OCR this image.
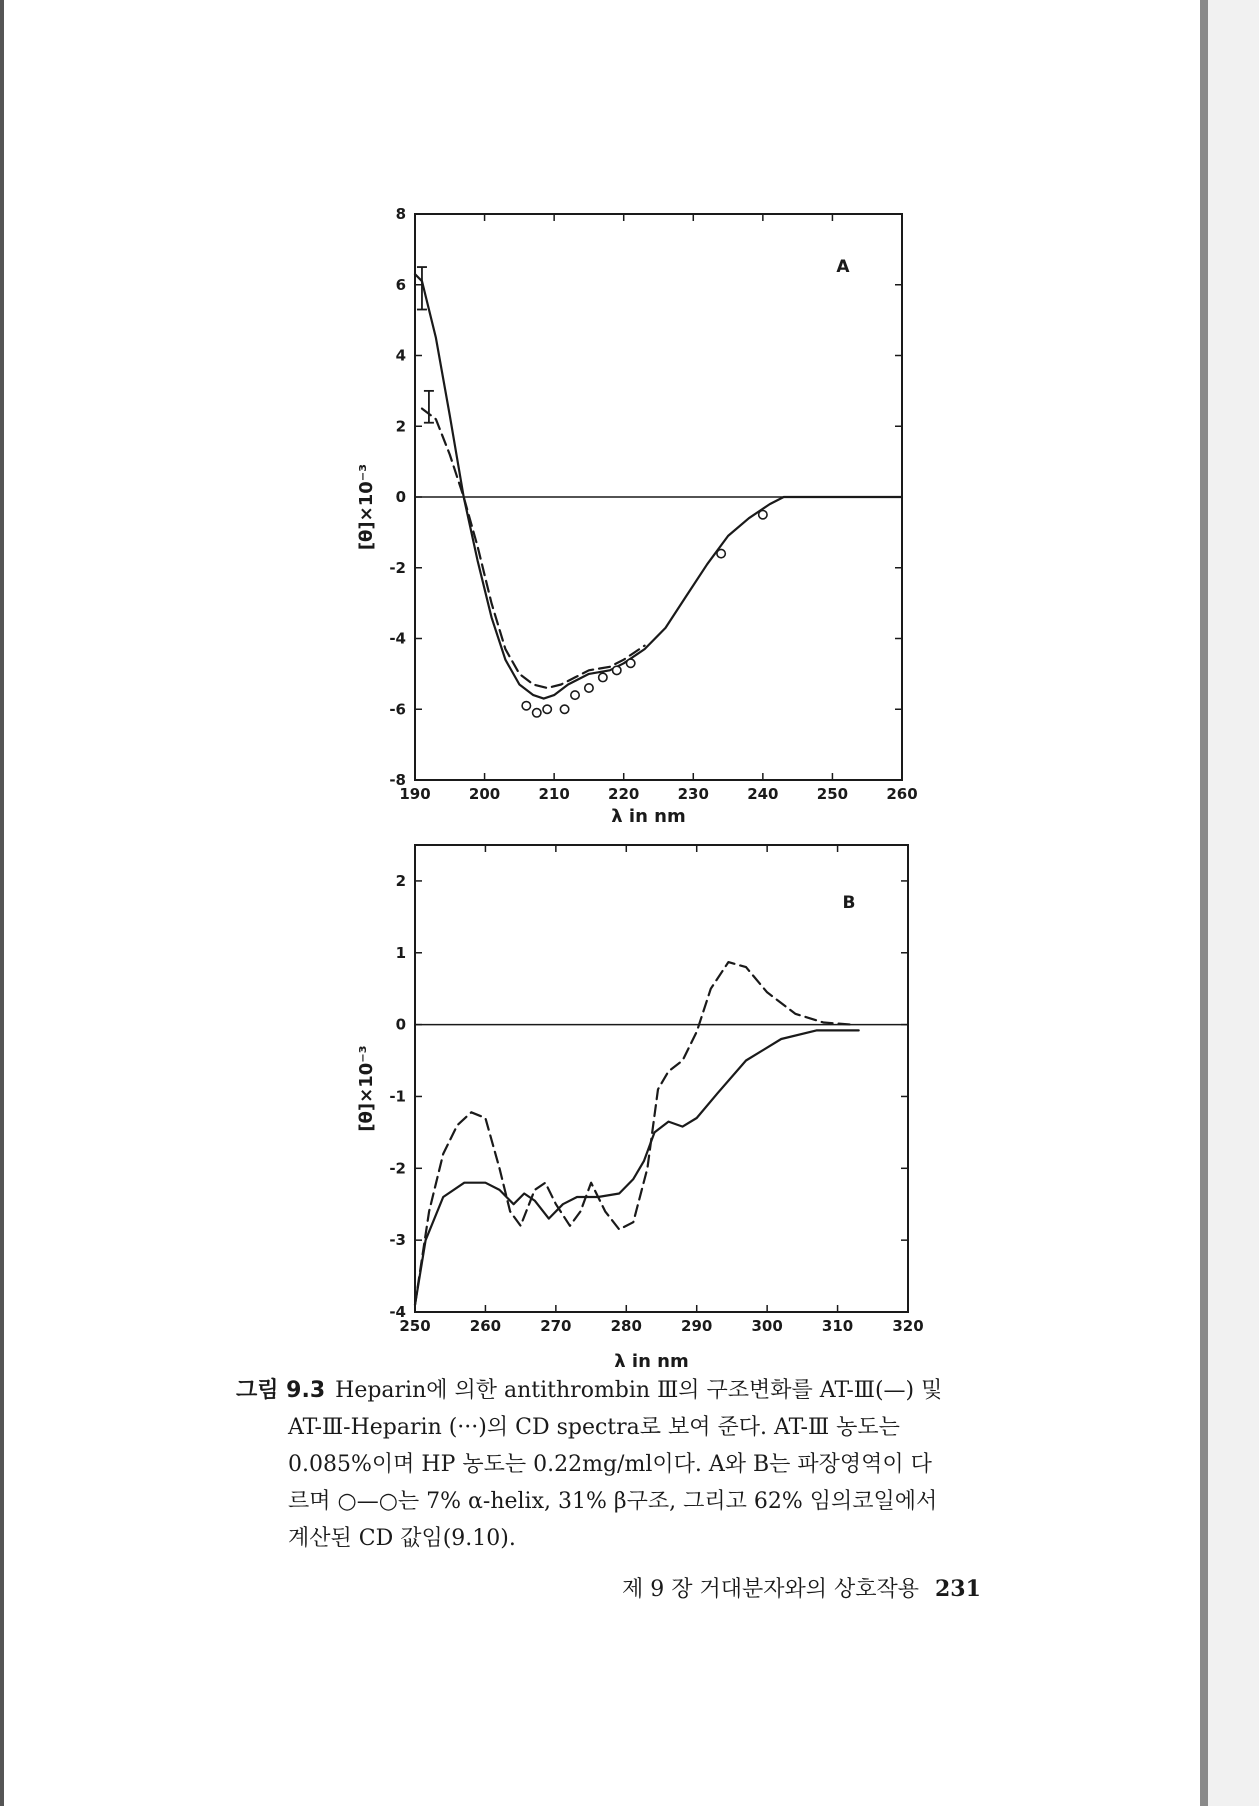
190	200	210	220	230	240	250	260
8
6
4
2
0
-2
-4
-6
-8
λ in nm
[θ]×10⁻³
A
250	260	270	280	290	300	310	320
2
1
0
-1
-2
-3
-4
λ in nm
[θ]×10⁻³
B
그림 9.3 Heparin에 의한 antithrombin Ⅲ의 구조변화를 AT-Ⅲ(—) 및
AT-Ⅲ-Heparin (···)의 CD spectra로 보여 준다. AT-Ⅲ 농도는
0.085%이며 HP 농도는 0.22mg/ml이다. A와 B는 파장영역이 다
르며 ○—○는 7% α-helix, 31% β구조, 그리고 62% 임의코일에서
계산된 CD 값임(9.10).
제 9 장 거대분자와의 상호작용 231
